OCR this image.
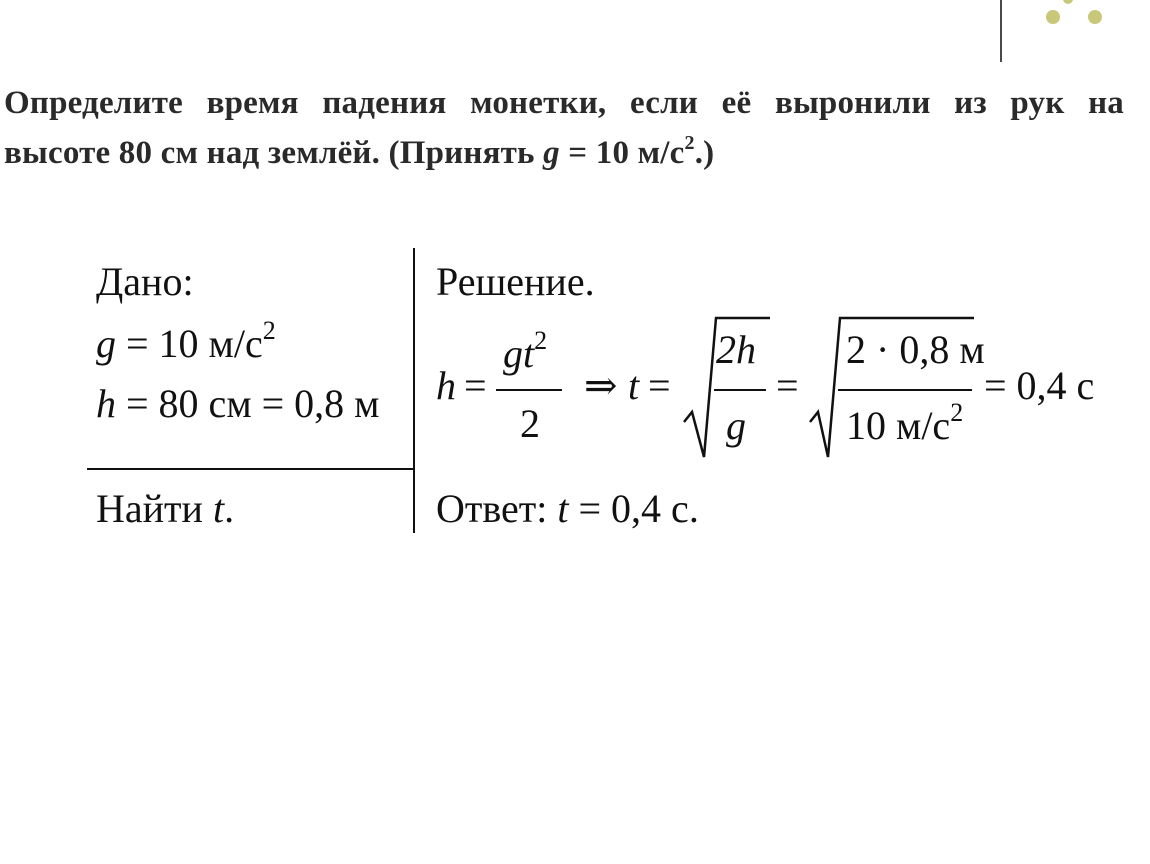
Определите время падения монетки, если её выронили из рук на
высоте 80 см над землёй. (Принять g = 10 $м/с^2$.)
Дано:
g = 10 $м/с^2$
h = 80 см = 0,8 м
Найти t.
Решение.
h =
$gt^2$
2
⇒ t =
2h
g
=
2 · 0,8 м
10 $м/с^2$
= 0,4 с
Ответ: t = 0,4 с.
